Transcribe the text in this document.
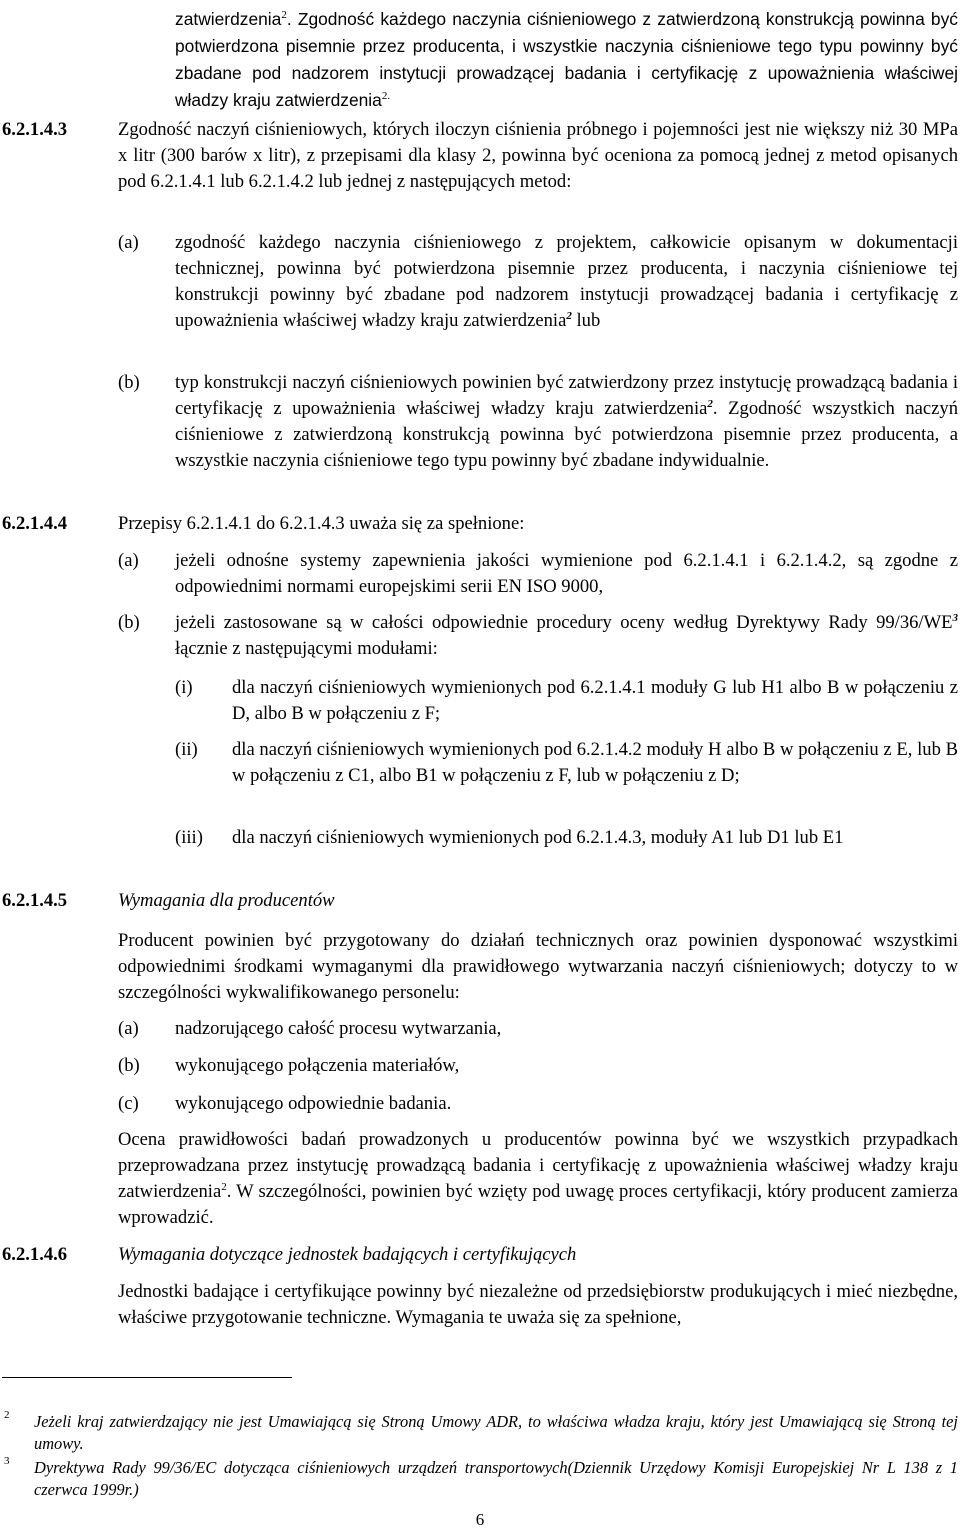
zatwierdzenia$^2$. Zgodność każdego naczynia ciśnieniowego z zatwierdzoną konstrukcją powinna być potwierdzona pisemnie przez producenta, i wszystkie naczynia ciśnieniowe tego typu powinny być zbadane pod nadzorem instytucji prowadzącej badania i certyfikację z upoważnienia właściwej władzy kraju zatwierdzenia$^{2.}$
6.2.1.4.3	Zgodność naczyń ciśnieniowych, których iloczyn ciśnienia próbnego i pojemności jest nie większy niż 30 MPa x litr (300 barów x litr), z przepisami dla klasy 2, powinna być oceniona za pomocą jednej z metod opisanych pod 6.2.1.4.1 lub 6.2.1.4.2 lub jednej z następujących metod:
(a) zgodność każdego naczynia ciśnieniowego z projektem, całkowicie opisanym w dokumentacji technicznej, powinna być potwierdzona pisemnie przez producenta, i naczynia ciśnieniowe tej konstrukcji powinny być zbadane pod nadzorem instytucji prowadzącej badania i certyfikację z upoważnienia właściwej władzy kraju zatwierdzenia$^2$ lub
(b) typ konstrukcji naczyń ciśnieniowych powinien być zatwierdzony przez instytucję prowadzącą badania i certyfikację z upoważnienia właściwej władzy kraju zatwierdzenia$^2$. Zgodność wszystkich naczyń ciśnieniowe z zatwierdzoną konstrukcją powinna być potwierdzona pisemnie przez producenta, a wszystkie naczynia ciśnieniowe tego typu powinny być zbadane indywidualnie.
6.2.1.4.4	Przepisy 6.2.1.4.1 do 6.2.1.4.3 uważa się za spełnione:
(a) jeżeli odnośne systemy zapewnienia jakości wymienione pod 6.2.1.4.1 i 6.2.1.4.2, są zgodne z odpowiednimi normami europejskimi serii EN ISO 9000,
(b) jeżeli zastosowane są w całości odpowiednie procedury oceny według Dyrektywy Rady $99/36/WE^3$ łącznie z następującymi modułami:
(i) dla naczyń ciśnieniowych wymienionych pod 6.2.1.4.1 moduły G lub H1 albo B w połączeniu z D, albo B w połączeniu z F;
(ii) dla naczyń ciśnieniowych wymienionych pod 6.2.1.4.2 moduły H albo B w połączeniu z E, lub B w połączeniu z C1, albo B1 w połączeniu z F, lub w połączeniu z D;
(iii) dla naczyń ciśnieniowych wymienionych pod 6.2.1.4.3, moduły A1 lub D1 lub E1
6.2.1.4.5	Wymagania dla producentów
Producent powinien być przygotowany do działań technicznych oraz powinien dysponować wszystkimi odpowiednimi środkami wymaganymi dla prawidłowego wytwarzania naczyń ciśnieniowych; dotyczy to w szczególności wykwalifikowanego personelu:
(a) nadzorującego całość procesu wytwarzania,
(b) wykonującego połączenia materiałów,
(c) wykonującego odpowiednie badania.
Ocena prawidłowości badań prowadzonych u producentów powinna być we wszystkich przypadkach przeprowadzana przez instytucję prowadzącą badania i certyfikację z upoważnienia właściwej władzy kraju zatwierdzenia$^2$. W szczególności, powinien być wzięty pod uwagę proces certyfikacji, który producent zamierza wprowadzić.
6.2.1.4.6	Wymagania dotyczące jednostek badających i certyfikujących
Jednostki badające i certyfikujące powinny być niezależne od przedsiębiorstw produkujących i mieć niezbędne, właściwe przygotowanie techniczne. Wymagania te uważa się za spełnione,
2 Jeżeli kraj zatwierdzający nie jest Umawiającą się Stroną Umowy ADR, to właściwa władza kraju, który jest Umawiającą się Stroną tej umowy.
3 Dyrektywa Rady 99/36/EC dotycząca ciśnieniowych urządzeń transportowych(Dziennik Urzędowy Komisji Europejskiej Nr L 138 z 1 czerwca 1999r.)
6
